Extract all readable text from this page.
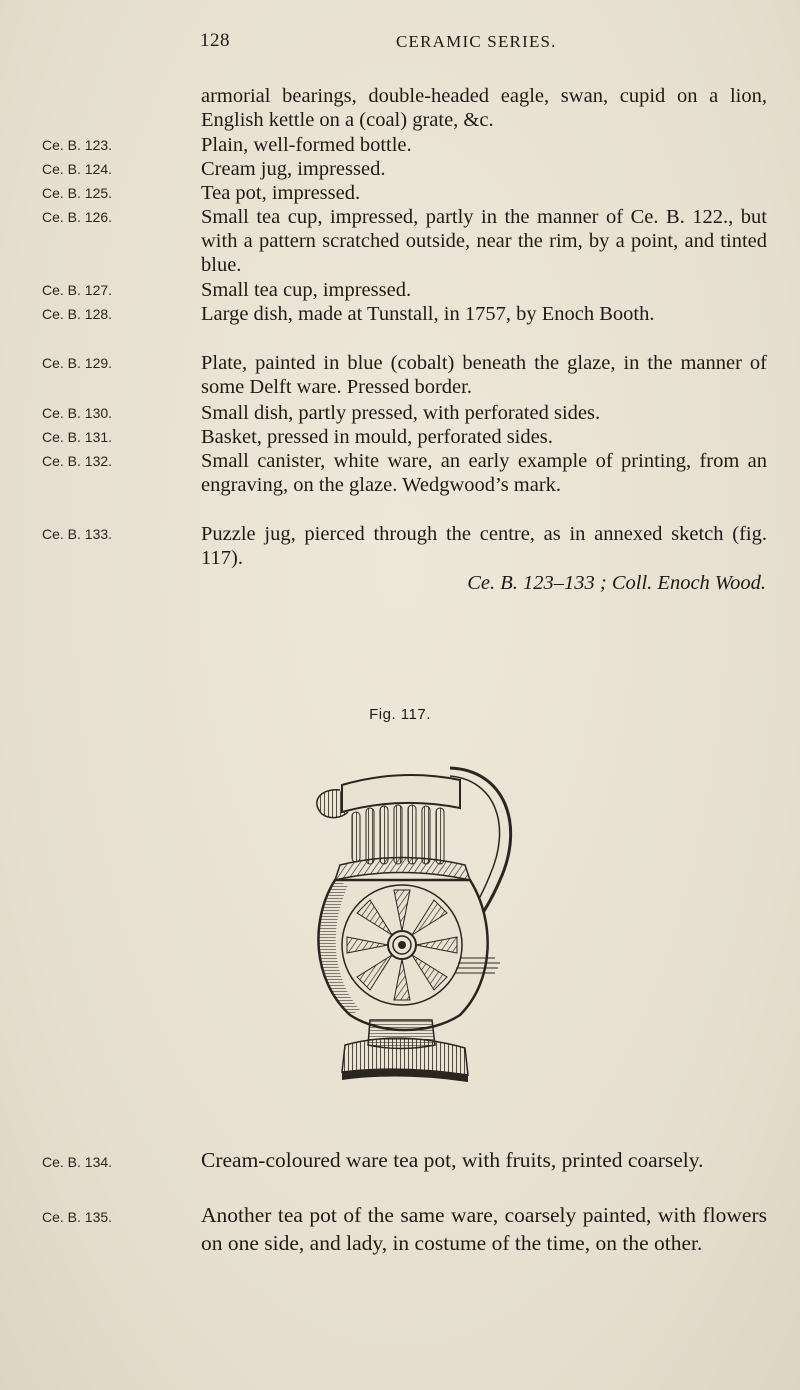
128	CERAMIC SERIES.
armorial bearings, double-headed eagle, swan, cupid on a lion, English kettle on a (coal) grate, &c.
Ce. B. 123.	Plain, well-formed bottle.
Ce. B. 124.	Cream jug, impressed.
Ce. B. 125.	Tea pot, impressed.
Ce. B. 126.	Small tea cup, impressed, partly in the manner of Ce. B. 122., but with a pattern scratched outside, near the rim, by a point, and tinted blue.
Ce. B. 127.	Small tea cup, impressed.
Ce. B. 128.	Large dish, made at Tunstall, in 1757, by Enoch Booth.
Ce. B. 129.	Plate, painted in blue (cobalt) beneath the glaze, in the manner of some Delft ware. Pressed border.
Ce. B. 130.	Small dish, partly pressed, with perforated sides.
Ce. B. 131.	Basket, pressed in mould, perforated sides.
Ce. B. 132.	Small canister, white ware, an early example of printing, from an engraving, on the glaze. Wedgwood’s mark.
Ce. B. 133.	Puzzle jug, pierced through the centre, as in annexed sketch (fig. 117).
Ce. B. 123–133 ; Coll. Enoch Wood.
Fig. 117.
Ce. B. 134.	Cream-coloured ware tea pot, with fruits, printed coarsely.
Ce. B. 135.	Another tea pot of the same ware, coarsely painted, with flowers on one side, and lady, in costume of the time, on the other.
